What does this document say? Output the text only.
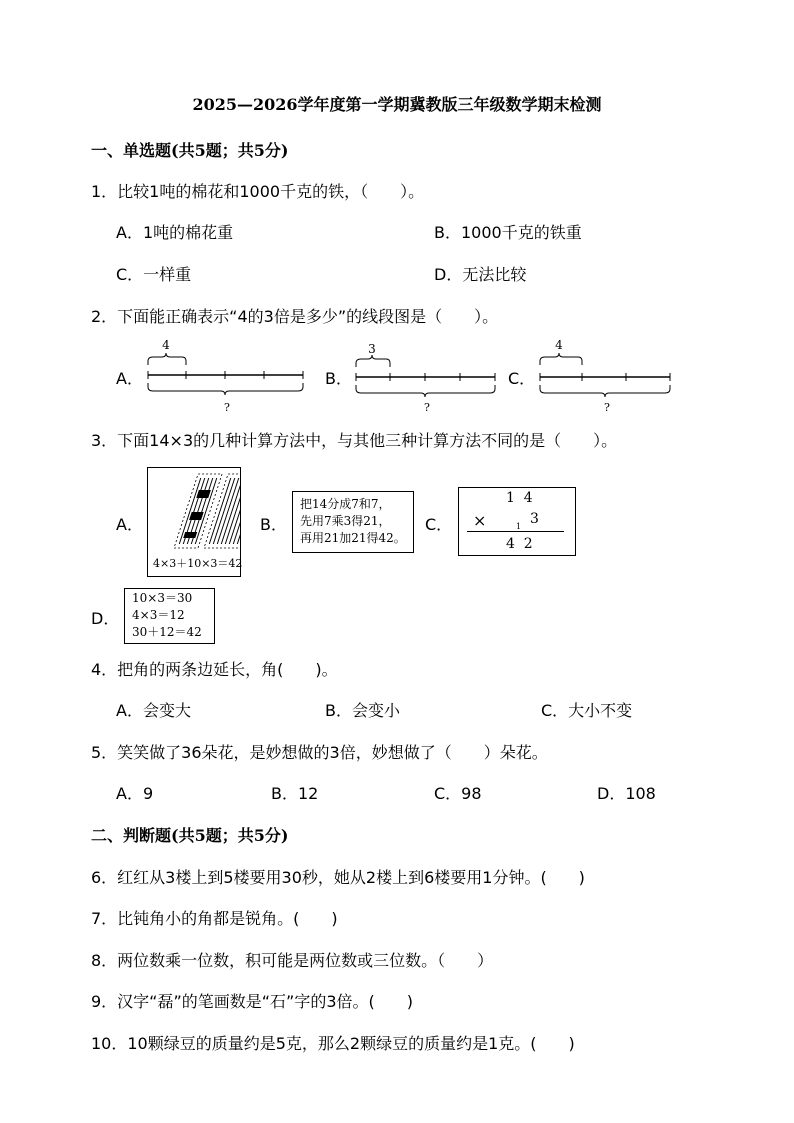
2025—2026学年度第一学期冀教版三年级数学期末检测
一、单选题(共5题；共5分)
1．比较1吨的棉花和1000千克的铁，（　　）。
A．1吨的棉花重	B．1000千克的铁重
C．一样重	D．无法比较
2．下面能正确表示“4的3倍是多少”的线段图是（　　）。
A．
4
?
B．
3
?
C．
4
?
3．下面14×3的几种计算方法中，与其他三种计算方法不同的是（　　）。
A．
4×3＋10×3＝42
B．
把14分成7和7，
先用7乘3得21，
再用21加21得42。
C．
1  4
×	1 3
4  2
D．
10×3＝30
4×3＝12
30＋12＝42
4．把角的两条边延长，角(　　)。
A．会变大	B．会变小	C．大小不变
5．笑笑做了36朵花，是妙想做的3倍，妙想做了（　　）朵花。
A．9	B．12	C．98	D．108
二、判断题(共5题；共5分)
6．红红从3楼上到5楼要用30秒，她从2楼上到6楼要用1分钟。(　　)
7．比钝角小的角都是锐角。(　　)
8．两位数乘一位数，积可能是两位数或三位数。（　　）
9．汉字“磊”的笔画数是“石”字的3倍。(　　)
10．10颗绿豆的质量约是5克，那么2颗绿豆的质量约是1克。(　　)
